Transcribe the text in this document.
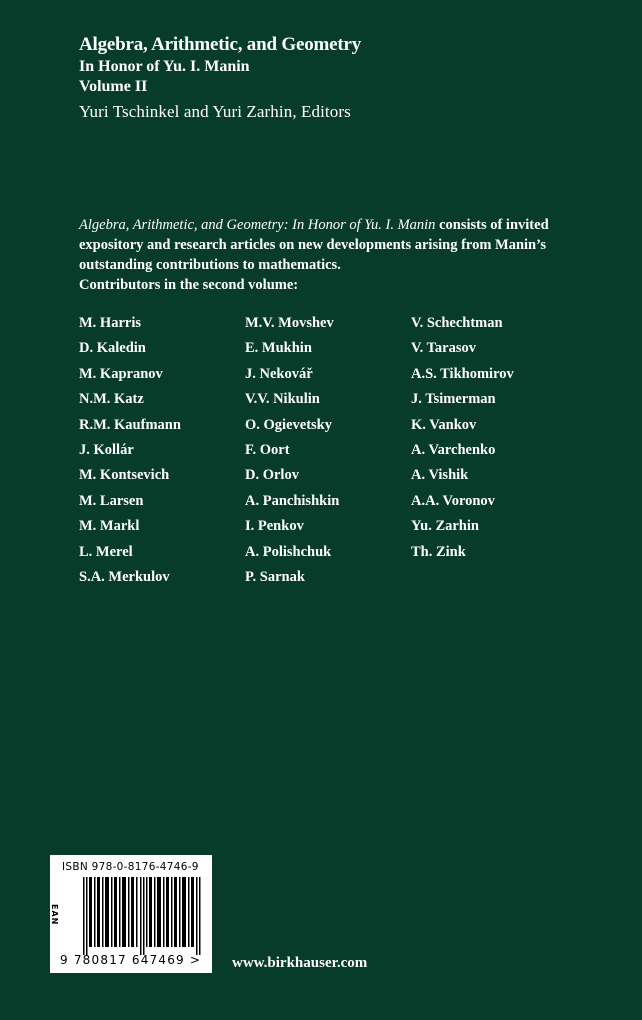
Algebra, Arithmetic, and Geometry
In Honor of Yu. I. Manin
Volume II
Yuri Tschinkel and Yuri Zarhin, Editors
Algebra, Arithmetic, and Geometry: In Honor of Yu. I. Manin consists of invited expository and research articles on new developments arising from Manin’s outstanding contributions to mathematics.
Contributors in the second volume:
M. Harris
D. Kaledin
M. Kapranov
N.M. Katz
R.M. Kaufmann
J. Kollár
M. Kontsevich
M. Larsen
M. Markl
L. Merel
S.A. Merkulov
M.V. Movshev
E. Mukhin
J. Nekovář
V.V. Nikulin
O. Ogievetsky
F. Oort
D. Orlov
A. Panchishkin
I. Penkov
A. Polishchuk
P. Sarnak
V. Schechtman
V. Tarasov
A.S. Tikhomirov
J. Tsimerman
K. Vankov
A. Varchenko
A. Vishik
A.A. Voronov
Yu. Zarhin
Th. Zink
ISBN 978-0-8176-4746-9
EAN
9 780817 647469 > www.birkhauser.com
